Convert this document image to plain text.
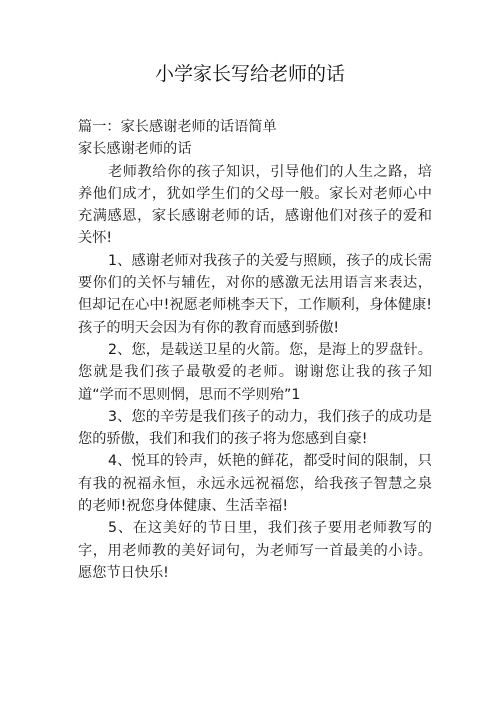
小学家长写给老师的话

篇一：家长感谢老师的话语简单

家长感谢老师的话

老师教给你的孩子知识，引导他们的人生之路，培养他们成才，犹如学生们的父母一般。家长对老师心中充满感恩，家长感谢老师的话，感谢他们对孩子的爱和关怀!

1、感谢老师对我孩子的关爱与照顾，孩子的成长需要你们的关怀与辅佐，对你的感激无法用语言来表达，但却记在心中!祝愿老师桃李天下，工作顺利，身体健康!孩子的明天会因为有你的教育而感到骄傲!

2、您，是载送卫星的火箭。您，是海上的罗盘针。您就是我们孩子最敬爱的老师。谢谢您让我的孩子知道“学而不思则惘，思而不学则殆”1

3、您的辛劳是我们孩子的动力，我们孩子的成功是您的骄傲，我们和我们的孩子将为您感到自豪!

4、悦耳的铃声，妖艳的鲜花，都受时间的限制，只有我的祝福永恒，永远永远祝福您，给我孩子智慧之泉的老师!祝您身体健康、生活幸福!

5、在这美好的节日里，我们孩子要用老师教写的字，用老师教的美好词句，为老师写一首最美的小诗。愿您节日快乐!
